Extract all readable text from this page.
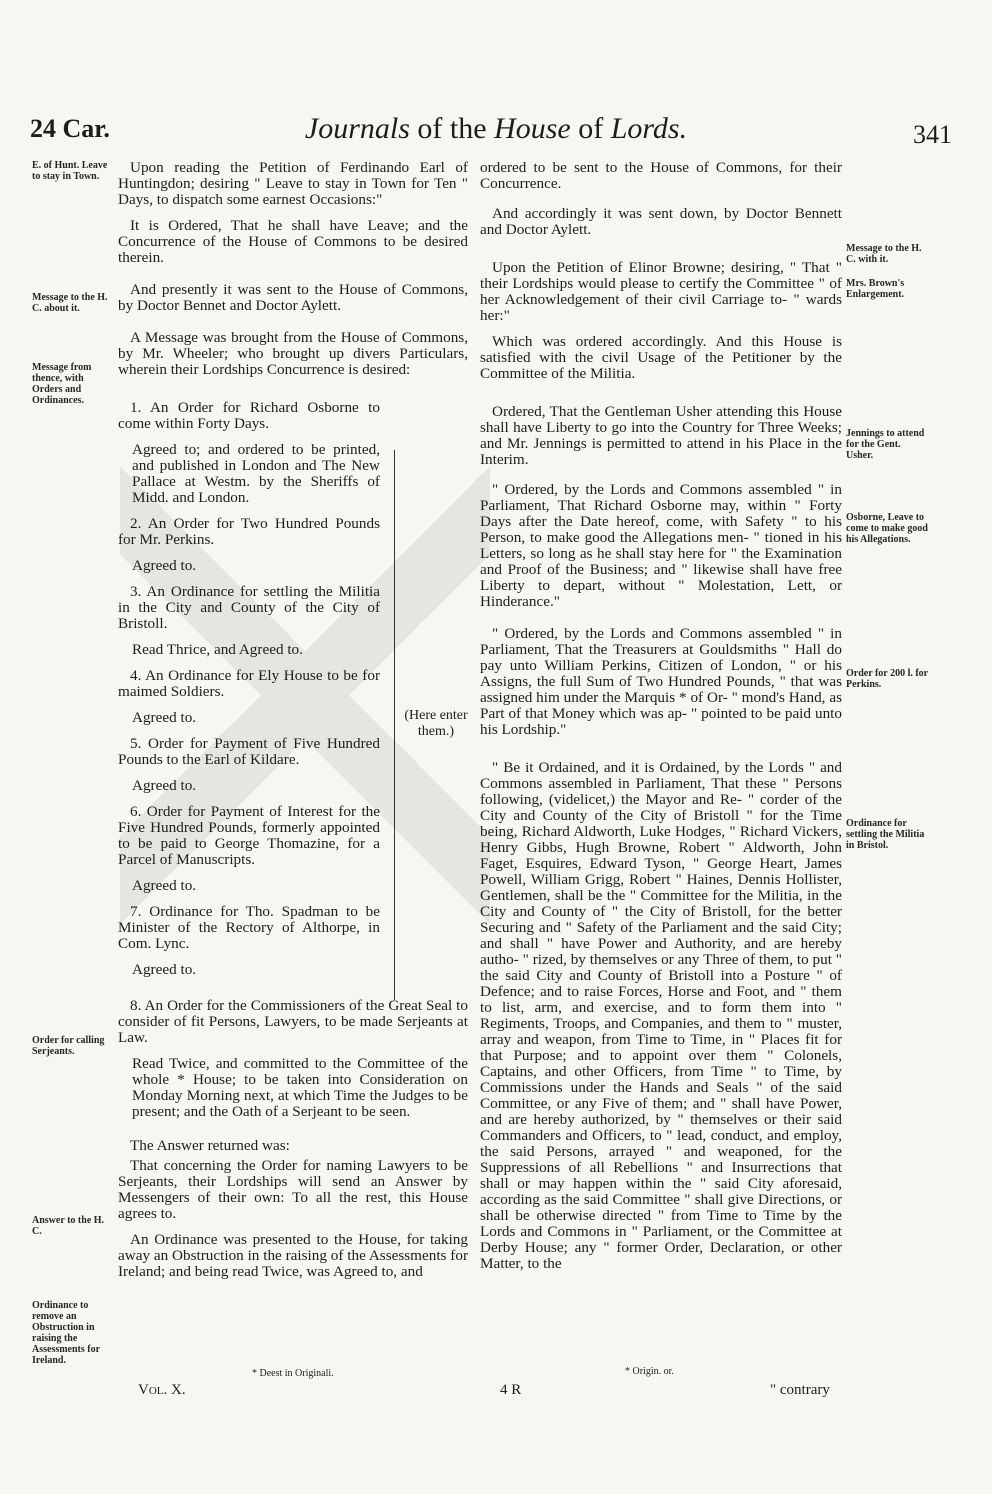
24 Car.	Journals of the House of Lords.	341
E. of Hunt. Leave to stay in Town.
Message to the H. C. about it.
Message from thence, with Orders and Ordinances.
Order for calling Serjeants.
Answer to the H. C.
Ordinance to remove an Obstruction in raising the Assessments for Ireland.
Message to the H. C. with it.
Mrs. Brown's Enlargement.
Jennings to attend for the Gent. Usher.
Osborne, Leave to come to make good his Allegations.
Order for 200 l. for Perkins.
Ordinance for settling the Militia in Bristol.

Upon reading the Petition of Ferdinando Earl of Huntingdon; desiring " Leave to stay in Town for Ten " Days, to dispatch some earnest Occasions:"

It is Ordered, That he shall have Leave; and the Concurrence of the House of Commons to be desired therein.

And presently it was sent to the House of Commons, by Doctor Bennet and Doctor Aylett.

A Message was brought from the House of Commons, by Mr. Wheeler; who brought up divers Particulars, wherein their Lordships Concurrence is desired:

1. An Order for Richard Osborne to come within Forty Days.

Agreed to; and ordered to be printed, and published in London and The New Pallace at Westm. by the Sheriffs of Midd. and London.

2. An Order for Two Hundred Pounds for Mr. Perkins.

Agreed to.

3. An Ordinance for settling the Militia in the City and County of the City of Bristoll.

Read Thrice, and Agreed to.

4. An Ordinance for Ely House to be for maimed Soldiers.

Agreed to.

5. Order for Payment of Five Hundred Pounds to the Earl of Kildare.

Agreed to.

6. Order for Payment of Interest for the Five Hundred Pounds, formerly appointed to be paid to George Thomazine, for a Parcel of Manuscripts.

Agreed to.

7. Ordinance for Tho. Spadman to be Minister of the Rectory of Althorpe, in Com. Lync.

Agreed to.

8. An Order for the Commissioners of the Great Seal to consider of fit Persons, Lawyers, to be made Serjeants at Law.

Read Twice, and committed to the Committee of the whole * House; to be taken into Consideration on Monday Morning next, at which Time the Judges to be present; and the Oath of a Serjeant to be seen.

The Answer returned was:

That concerning the Order for naming Lawyers to be Serjeants, their Lordships will send an Answer by Messengers of their own: To all the rest, this House agrees to.

An Ordinance was presented to the House, for taking away an Obstruction in the raising of the Assessments for Ireland; and being read Twice, was Agreed to, and

(Here enter them.)
* Deest in Originali.
Vol. X.

ordered to be sent to the House of Commons, for their Concurrence.

And accordingly it was sent down, by Doctor Bennett and Doctor Aylett.

Upon the Petition of Elinor Browne; desiring, " That " their Lordships would please to certify the Committee " of her Acknowledgement of their civil Carriage to- " wards her:"

Which was ordered accordingly. And this House is satisfied with the civil Usage of the Petitioner by the Committee of the Militia.

Ordered, That the Gentleman Usher attending this House shall have Liberty to go into the Country for Three Weeks; and Mr. Jennings is permitted to attend in his Place in the Interim.

" Ordered, by the Lords and Commons assembled " in Parliament, That Richard Osborne may, within " Forty Days after the Date hereof, come, with Safety " to his Person, to make good the Allegations men- " tioned in his Letters, so long as he shall stay here for " the Examination and Proof of the Business; and " likewise shall have free Liberty to depart, without " Molestation, Lett, or Hinderance."

" Ordered, by the Lords and Commons assembled " in Parliament, That the Treasurers at Gouldsmiths " Hall do pay unto William Perkins, Citizen of London, " or his Assigns, the full Sum of Two Hundred Pounds, " that was assigned him under the Marquis * of Or- " mond's Hand, as Part of that Money which was ap- " pointed to be paid unto his Lordship."

" Be it Ordained, and it is Ordained, by the Lords " and Commons assembled in Parliament, That these " Persons following, (videlicet,) the Mayor and Re- " corder of the City and County of the City of Bristoll " for the Time being, Richard Aldworth, Luke Hodges, " Richard Vickers, Henry Gibbs, Hugh Browne, Robert " Aldworth, John Faget, Esquires, Edward Tyson, " George Heart, James Powell, William Grigg, Robert " Haines, Dennis Hollister, Gentlemen, shall be the " Committee for the Militia, in the City and County of " the City of Bristoll, for the better Securing and " Safety of the Parliament and the said City; and shall " have Power and Authority, and are hereby autho- " rized, by themselves or any Three of them, to put " the said City and County of Bristoll into a Posture " of Defence; and to raise Forces, Horse and Foot, and " them to list, arm, and exercise, and to form them into " Regiments, Troops, and Companies, and them to " muster, array and weapon, from Time to Time, in " Places fit for that Purpose; and to appoint over them " Colonels, Captains, and other Officers, from Time " to Time, by Commissions under the Hands and Seals " of the said Committee, or any Five of them; and " shall have Power, and are hereby authorized, by " themselves or their said Commanders and Officers, to " lead, conduct, and employ, the said Persons, arrayed " and weaponed, for the Suppressions of all Rebellions " and Insurrections that shall or may happen within the " said City aforesaid, according as the said Committee " shall give Directions, or shall be otherwise directed " from Time to Time by the Lords and Commons in " Parliament, or the Committee at Derby House; any " former Order, Declaration, or other Matter, to the

* Origin. or.
4 R	" contrary
